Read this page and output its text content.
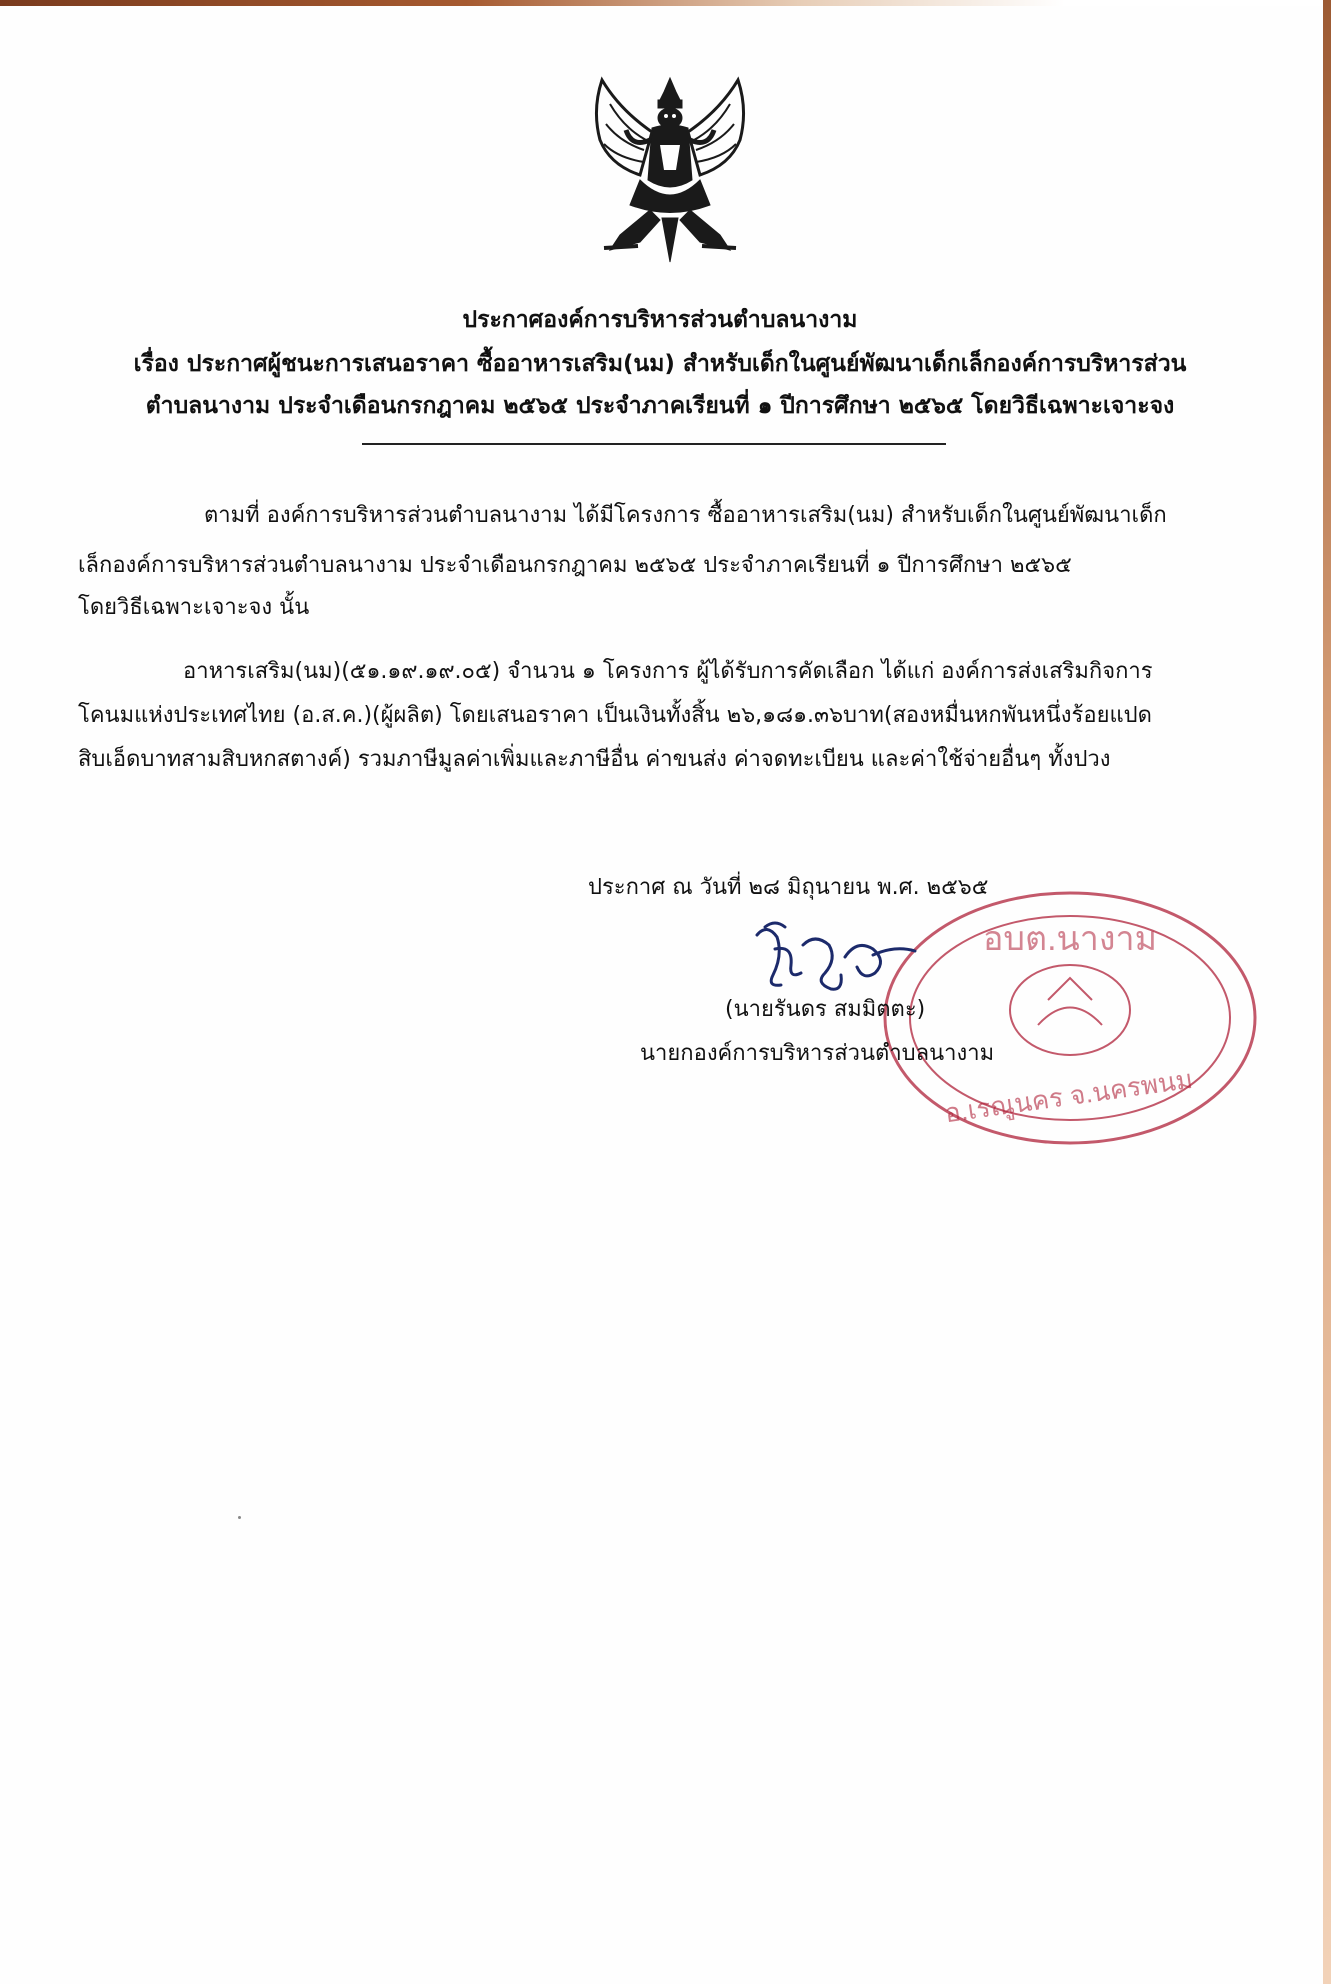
ประกาศองค์การบริหารส่วนตำบลนางาม
เรื่อง ประกาศผู้ชนะการเสนอราคา ซื้ออาหารเสริม(นม) สำหรับเด็กในศูนย์พัฒนาเด็กเล็กองค์การบริหารส่วน
ตำบลนางาม ประจำเดือนกรกฎาคม ๒๕๖๕ ประจำภาคเรียนที่ ๑ ปีการศึกษา ๒๕๖๕ โดยวิธีเฉพาะเจาะจง
ตามที่ องค์การบริหารส่วนตำบลนางาม ได้มีโครงการ ซื้ออาหารเสริม(นม) สำหรับเด็กในศูนย์พัฒนาเด็ก
เล็กองค์การบริหารส่วนตำบลนางาม ประจำเดือนกรกฎาคม ๒๕๖๕ ประจำภาคเรียนที่ ๑ ปีการศึกษา ๒๕๖๕
โดยวิธีเฉพาะเจาะจง นั้น
อาหารเสริม(นม)(๕๑.๑๙.๑๙.๐๕) จำนวน ๑ โครงการ ผู้ได้รับการคัดเลือก ได้แก่ องค์การส่งเสริมกิจการ
โคนมแห่งประเทศไทย (อ.ส.ค.)(ผู้ผลิต) โดยเสนอราคา เป็นเงินทั้งสิ้น ๒๖,๑๘๑.๓๖บาท(สองหมื่นหกพันหนึ่งร้อยแปด
สิบเอ็ดบาทสามสิบหกสตางค์) รวมภาษีมูลค่าเพิ่มและภาษีอื่น ค่าขนส่ง ค่าจดทะเบียน และค่าใช้จ่ายอื่นๆ ทั้งปวง
ประกาศ ณ วันที่ ๒๘ มิถุนายน พ.ศ. ๒๕๖๕
อบต.นางาม
อ.เรณูนคร จ.นครพนม
(นายรันดร สมมิตตะ)
นายกองค์การบริหารส่วนตำบลนางาม
